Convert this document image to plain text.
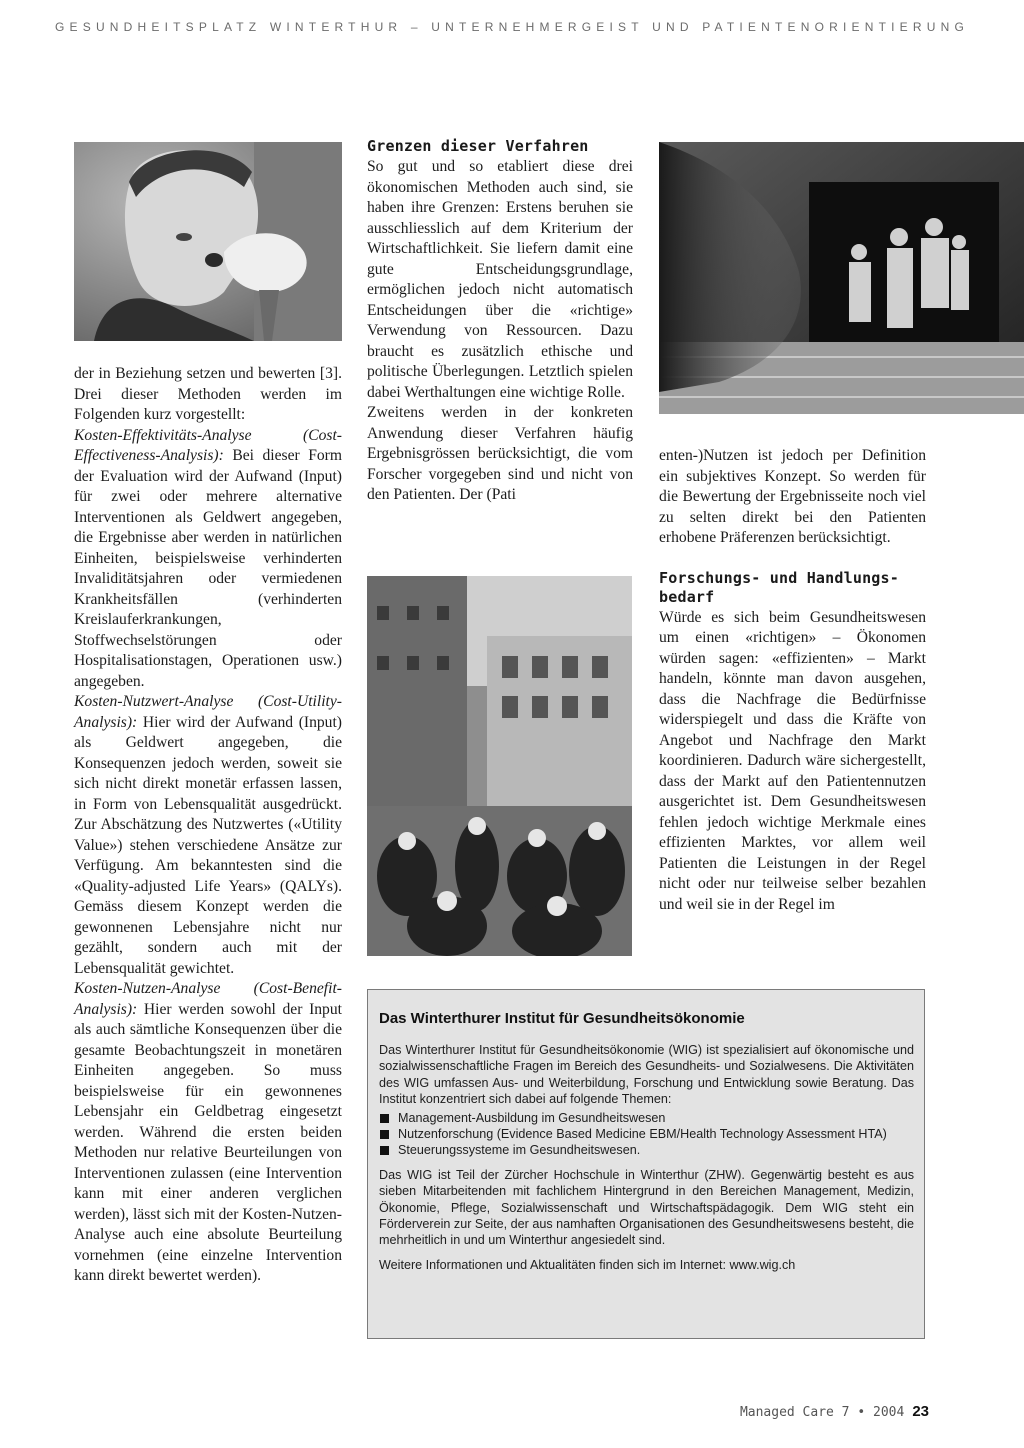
GESUNDHEITSPLATZ WINTERTHUR – UNTERNEHMERGEIST UND PATIENTENORIENTIERUNG

der in Beziehung setzen und bewerten [3]. Drei dieser Methoden werden im Folgenden kurz vorgestellt:
Kosten-Effektivitäts-Analyse (Cost-Effectiveness-Analysis): Bei dieser Form der Evaluation wird der Aufwand (Input) für zwei oder mehrere alternative Interventionen als Geldwert angegeben, die Ergebnisse aber werden in natürlichen Einheiten, beispielsweise verhinderten Invaliditätsjahren oder vermiedenen Krankheitsfällen (verhinderten Kreislauferkrankungen, Stoffwechselstörungen oder Hospitalisationstagen, Operationen usw.) angegeben.
Kosten-Nutzwert-Analyse (Cost-Utility-Analysis): Hier wird der Aufwand (Input) als Geldwert angegeben, die Konsequenzen jedoch werden, soweit sie sich nicht direkt monetär erfassen lassen, in Form von Lebensqualität ausgedrückt. Zur Abschätzung des Nutzwertes («Utility Value») stehen verschiedene Ansätze zur Verfügung. Am bekanntesten sind die «Quality-adjusted Life Years» (QALYs). Gemäss diesem Konzept werden die gewonnenen Lebensjahre nicht nur gezählt, sondern auch mit der Lebensqualität gewichtet.
Kosten-Nutzen-Analyse (Cost-Benefit-Analysis): Hier werden sowohl der Input als auch sämtliche Konsequenzen über die gesamte Beobachtungszeit in monetären Einheiten angegeben. So muss beispielsweise für ein gewonnenes Lebensjahr ein Geldbetrag eingesetzt werden. Während die ersten beiden Methoden nur relative Beurteilungen von Interventionen zulassen (eine Intervention kann mit einer anderen verglichen werden), lässt sich mit der Kosten-Nutzen-Analyse auch eine absolute Beurteilung vornehmen (eine einzelne Intervention kann direkt bewertet werden).

Grenzen dieser Verfahren

So gut und so etabliert diese drei ökonomischen Methoden auch sind, sie haben ihre Grenzen: Erstens beruhen sie ausschliesslich auf dem Kriterium der Wirtschaftlichkeit. Sie liefern damit eine gute Entscheidungsgrundlage, ermöglichen jedoch nicht automatisch Entscheidungen über die «richtige» Verwendung von Ressourcen. Dazu braucht es zusätzlich ethische und politische Überlegungen. Letztlich spielen dabei Werthaltungen eine wichtige Rolle.

Zweitens werden in der konkreten Anwendung dieser Verfahren häufig Ergebnisgrössen berücksichtigt, die vom Forscher vorgegeben sind und nicht von den Patienten. Der (Pati

enten-)Nutzen ist jedoch per Definition ein subjektives Konzept. So werden für die Bewertung der Ergebnisseite noch viel zu selten direkt bei den Patienten erhobene Präferenzen berücksichtigt.

Forschungs- und Handlungsbedarf

Würde es sich beim Gesundheitswesen um einen «richtigen» – Ökonomen würden sagen: «effizienten» – Markt handeln, könnte man davon ausgehen, dass die Nachfrage die Bedürfnisse widerspiegelt und dass die Kräfte von Angebot und Nachfrage den Markt koordinieren. Dadurch wäre sichergestellt, dass der Markt auf den Patientennutzen ausgerichtet ist. Dem Gesundheitswesen fehlen jedoch wichtige Merkmale eines effizienten Marktes, vor allem weil Patienten die Leistungen in der Regel nicht oder nur teilweise selber bezahlen und weil sie in der Regel im

Das Winterthurer Institut für Gesundheitsökonomie

Das Winterthurer Institut für Gesundheitsökonomie (WIG) ist spezialisiert auf ökonomische und sozialwissenschaftliche Fragen im Bereich des Gesundheits- und Sozialwesens. Die Aktivitäten des WIG umfassen Aus- und Weiterbildung, Forschung und Entwicklung sowie Beratung. Das Institut konzentriert sich dabei auf folgende Themen:

Management-Ausbildung im Gesundheitswesen
Nutzenforschung (Evidence Based Medicine EBM/Health Technology Assessment HTA)
Steuerungssysteme im Gesundheitswesen.

Das WIG ist Teil der Zürcher Hochschule in Winterthur (ZHW). Gegenwärtig besteht es aus sieben Mitarbeitenden mit fachlichem Hintergrund in den Bereichen Management, Medizin, Ökonomie, Pflege, Sozialwissenschaft und Wirtschaftspädagogik. Dem WIG steht ein Förderverein zur Seite, der aus namhaften Organisationen des Gesundheitswesens besteht, die mehrheitlich in und um Winterthur angesiedelt sind.

Weitere Informationen und Aktualitäten finden sich im Internet: www.wig.ch

Managed Care 7 • 2004 23
